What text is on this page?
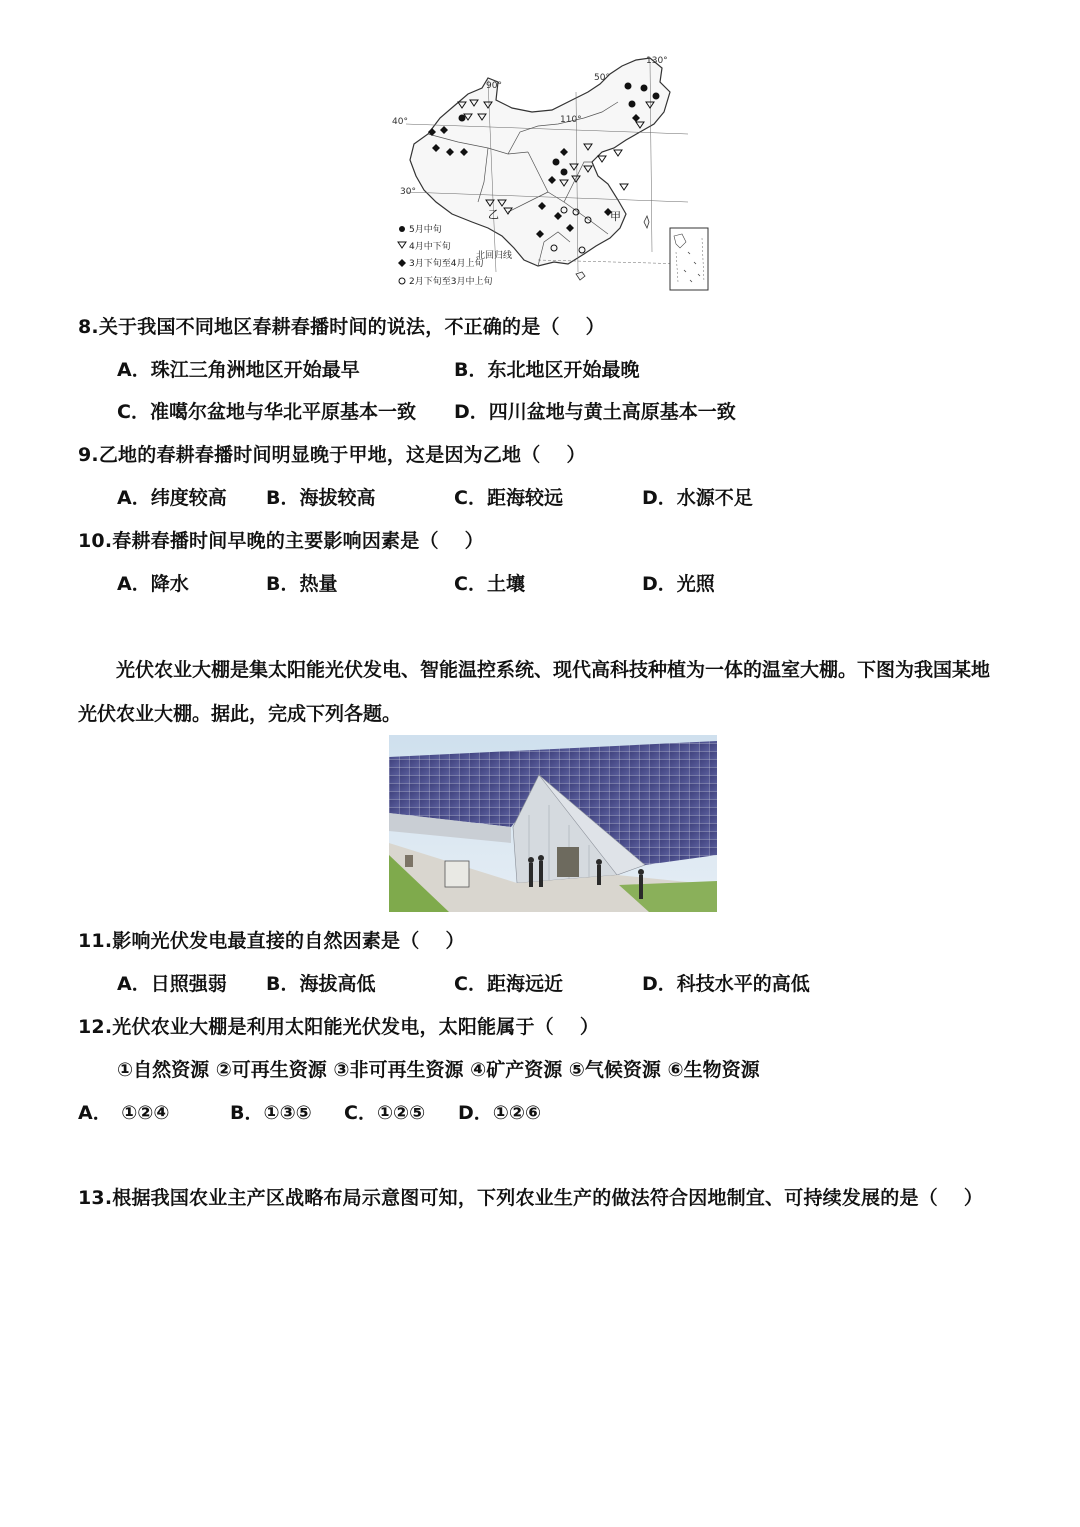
130°
50°
90°
110°
40°
30°
乙	甲
北回归线
5月中旬
4月中下旬
3月下旬至4月上旬
2月下旬至3月中上旬
8.关于我国不同地区春耕春播时间的说法，不正确的是（　 ）
A．珠江三角洲地区开始最早	B．东北地区开始最晚
C．准噶尔盆地与华北平原基本一致 D．四川盆地与黄土高原基本一致
9.乙地的春耕春播时间明显晚于甲地，这是因为乙地（　 ）
A．纬度较高 B．海拔较高	C．距海较远	D．水源不足
10.春耕春播时间早晚的主要影响因素是（　 ）
A．降水	B．热量	C．土壤	D．光照
光伏农业大棚是集太阳能光伏发电、智能温控系统、现代高科技种植为一体的温室大棚。下图为我国某地
光伏农业大棚。据此，完成下列各题。
11.影响光伏发电最直接的自然因素是（　 ）
A．日照强弱 B．海拔高低	C．距海远近	D．科技水平的高低
12.光伏农业大棚是利用太阳能光伏发电，太阳能属于（　 ）
①自然资源 ②可再生资源 ③非可再生资源 ④矿产资源 ⑤气候资源 ⑥生物资源
A．　①②④	B．①③⑤ C．①②⑤ D．①②⑥
13.根据我国农业主产区战略布局示意图可知，下列农业生产的做法符合因地制宜、可持续发展的是（　 ）
